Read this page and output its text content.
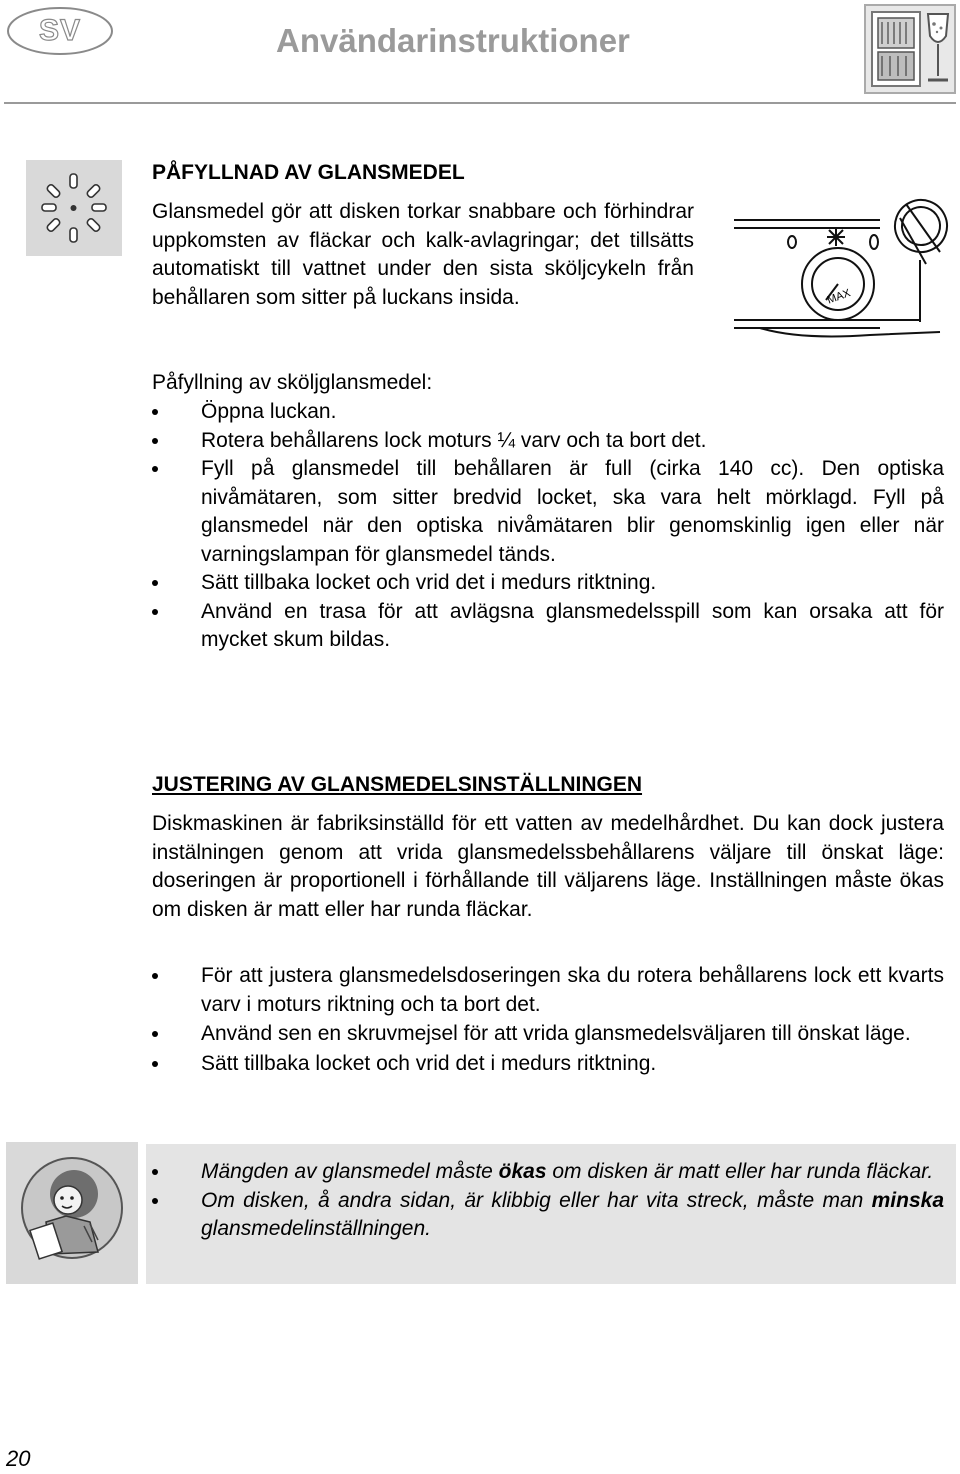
SV	Användarinstruktioner
PÅFYLLNAD AV GLANSMEDEL
Glansmedel gör att disken torkar snabbare och förhindrar uppkomsten av fläckar och kalk-avlagringar; det tillsätts automatiskt till vattnet under den sista sköljcykeln från behållaren som sitter på luckans insida.	MAX
Påfyllning av sköljglansmedel:
Öppna luckan.
Rotera behållarens lock moturs ¼ varv och ta bort det.
Fyll på glansmedel till behållaren är full (cirka 140 cc). Den optiska nivåmätaren, som sitter bredvid locket, ska vara helt mörklagd. Fyll på glansmedel när den optiska nivåmätaren blir genomskinlig igen eller när varningslampan för glansmedel tänds.
Sätt tillbaka locket och vrid det i medurs ritktning.
Använd en trasa för att avlägsna glansmedelsspill som kan orsaka att för mycket skum bildas.
JUSTERING AV GLANSMEDELSINSTÄLLNINGEN
Diskmaskinen är fabriksinställd för ett vatten av medelhårdhet. Du kan dock justera instälningen genom att vrida glansmedelssbehållarens väljare till önskat läge: doseringen är proportionell i förhållande till väljarens läge. Inställningen måste ökas om disken är matt eller har runda fläckar.
För att justera glansmedelsdoseringen ska du rotera behållarens lock ett kvarts varv i moturs riktning och ta bort det.
Använd sen en skruvmejsel för att vrida glansmedelsväljaren till önskat läge.
Sätt tillbaka locket och vrid det i medurs ritktning.
Mängden av glansmedel måste ökas om disken är matt eller har runda fläckar.
Om disken, å andra sidan, är klibbig eller har vita streck, måste man minska glansmedelinställningen.
20
